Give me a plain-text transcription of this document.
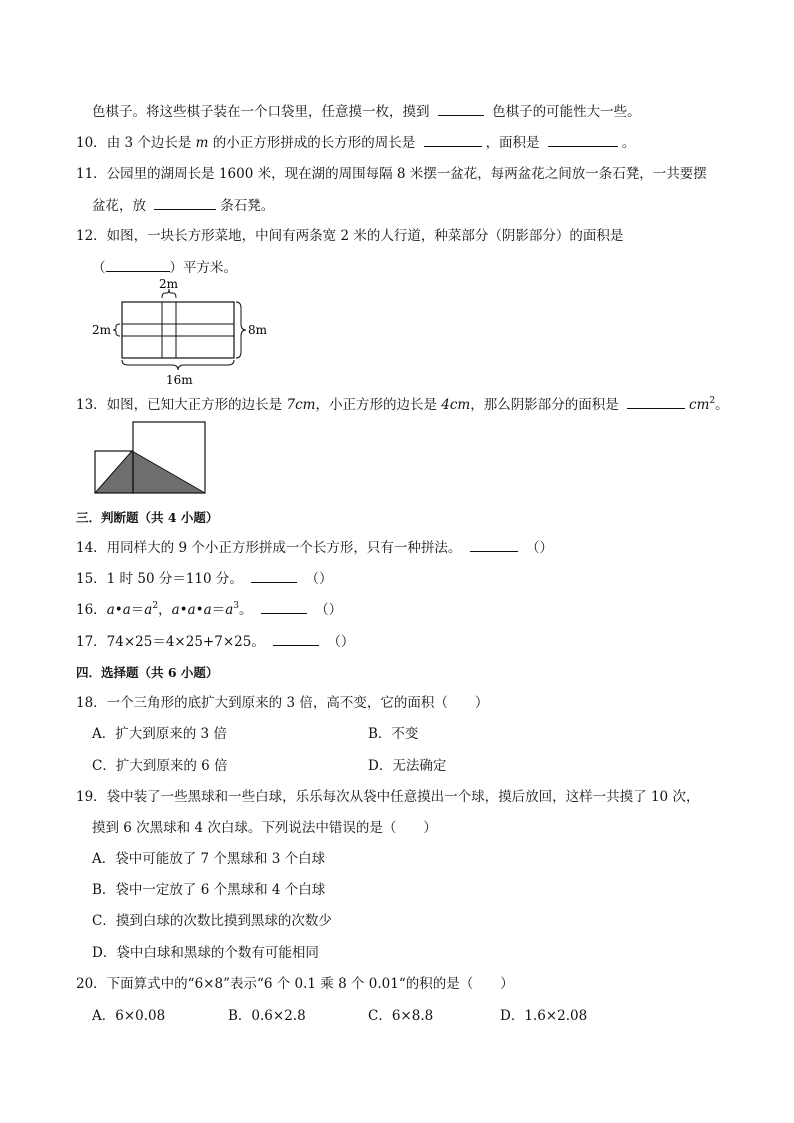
色棋子。将这些棋子装在一个口袋里，任意摸一枚，摸到	色棋子的可能性大一些。
10．由 3 个边长是 m 的小正方形拼成的长方形的周长是	，面积是	。
11．公园里的湖周长是 1600 米，现在湖的周围每隔 8 米摆一盆花，每两盆花之间放一条石凳，一共要摆
盆花，放	条石凳。
12．如图，一块长方形菜地，中间有两条宽 2 米的人行道，种菜部分（阴影部分）的面积是
（	）平方米。
2m
2m	8m
16m
13．如图，已知大正方形的边长是 7cm，小正方形的边长是 4cm，那么阴影部分的面积是	$cm^2$。
三．判断题（共 4 小题）
14．用同样大的 9 个小正方形拼成一个长方形，只有一种拼法。	（）
15．1 时 50 分＝110 分。	（）
16．$a•a=a^2$，$a•a•a=a^3$。	（）
17．74×25＝4×25+7×25。	（）
四．选择题（共 6 小题）
18．一个三角形的底扩大到原来的 3 倍，高不变，它的面积（　　）
A．扩大到原来的 3 倍	B．不变
C．扩大到原来的 6 倍	D．无法确定
19．袋中装了一些黑球和一些白球，乐乐每次从袋中任意摸出一个球，摸后放回，这样一共摸了 10 次，
摸到 6 次黑球和 4 次白球。下列说法中错误的是（　　）
A．袋中可能放了 7 个黑球和 3 个白球
B．袋中一定放了 6 个黑球和 4 个白球
C．摸到白球的次数比摸到黑球的次数少
D．袋中白球和黑球的个数有可能相同
20．下面算式中的“6×8”表示“6 个 0.1 乘 8 个 0.01“的积的是（　　）
A．6×0.08	B．0.6×2.8	C．6×8.8	D．1.6×2.08
